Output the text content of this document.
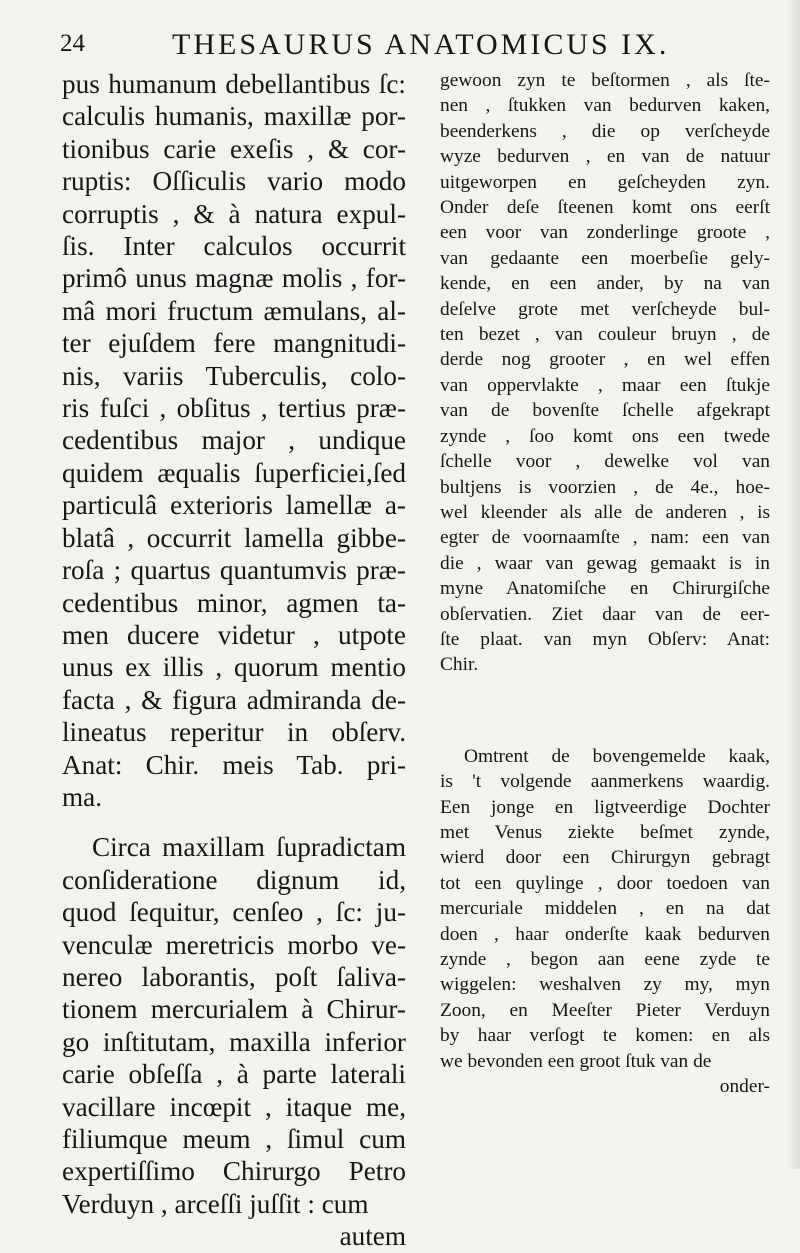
24	THESAURUS ANATOMICUS IX.
pus humanum debellantibus ſc:
calculis humanis, maxillæ por-
tionibus carie exeſis , & cor-
ruptis: Oſſiculis vario modo
corruptis , & à natura expul-
ſis. Inter calculos occurrit
primô unus magnæ molis , for-
mâ mori fructum æmulans, al-
ter ejuſdem fere mangnitudi-
nis, variis Tuberculis, colo-
ris fuſci , obſitus , tertius præ-
cedentibus major , undique
quidem æqualis ſuperficiei,ſed
particulâ exterioris lamellæ a-
blatâ , occurrit lamella gibbe-
roſa ; quartus quantumvis præ-
cedentibus minor, agmen ta-
men ducere videtur , utpote
unus ex illis , quorum mentio
facta , & figura admiranda de-
lineatus reperitur in obſerv.
Anat: Chir. meis Tab. pri-
ma.
Circa maxillam ſupradictam
conſideratione dignum id,
quod ſequitur, cenſeo , ſc: ju-
venculæ meretricis morbo ve-
nereo laborantis, poſt ſaliva-
tionem mercurialem à Chirur-
go inſtitutam, maxilla inferior
carie obſeſſa , à parte laterali
vacillare incœpit , itaque me,
filiumque meum , ſimul cum
expertiſſimo Chirurgo Petro
Verduyn , arceſſi juſſit : cum
autem
gewoon zyn te beſtormen , als ſte-
nen , ſtukken van bedurven kaken,
beenderkens , die op verſcheyde
wyze bedurven , en van de natuur
uitgeworpen en geſcheyden zyn.
Onder deſe ſteenen komt ons eerſt
een voor van zonderlinge groote ,
van gedaante een moerbeſie gely-
kende, en een ander, by na van
deſelve grote met verſcheyde bul-
ten bezet , van couleur bruyn , de
derde nog grooter , en wel effen
van oppervlakte , maar een ſtukje
van de bovenſte ſchelle afgekrapt
zynde , ſoo komt ons een twede
ſchelle voor , dewelke vol van
bultjens is voorzien , de 4e., hoe-
wel kleender als alle de anderen , is
egter de voornaamſte , nam: een van
die , waar van gewag gemaakt is in
myne Anatomiſche en Chirurgiſche
obſervatien. Ziet daar van de eer-
ſte plaat. van myn Obſerv: Anat:
Chir.
Omtrent de bovengemelde kaak,
is 't volgende aanmerkens waardig.
Een jonge en ligtveerdige Dochter
met Venus ziekte beſmet zynde,
wierd door een Chirurgyn gebragt
tot een quylinge , door toedoen van
mercuriale middelen , en na dat
doen , haar onderſte kaak bedurven
zynde , begon aan eene zyde te
wiggelen: weshalven zy my, myn
Zoon, en Meeſter Pieter Verduyn
by haar verſogt te komen: en als
we bevonden een groot ſtuk van de
onder-
